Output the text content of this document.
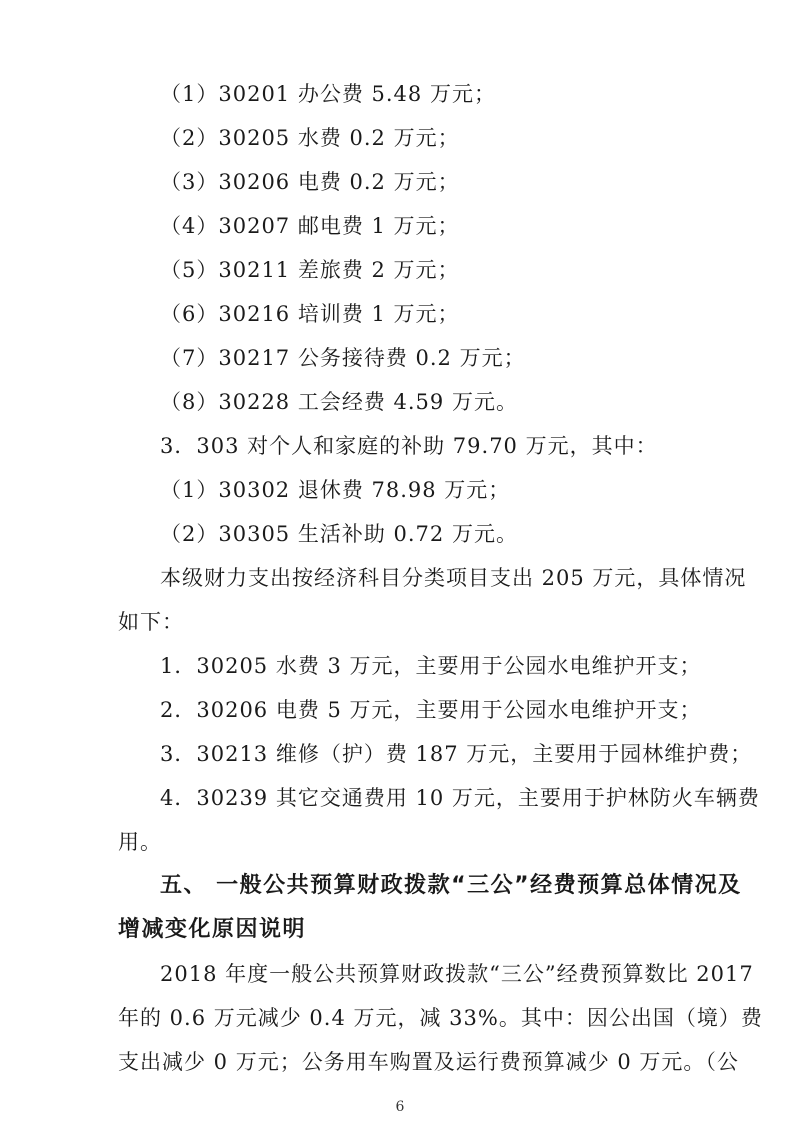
（1）30201 办公费 5.48 万元；
（2）30205 水费 0.2 万元；
（3）30206 电费 0.2 万元；
（4）30207 邮电费 1 万元；
（5）30211 差旅费 2 万元；
（6）30216 培训费 1 万元；
（7）30217 公务接待费 0.2 万元；
（8）30228 工会经费 4.59 万元。
3．303 对个人和家庭的补助 79.70 万元，其中：
（1）30302 退休费 78.98 万元；
（2）30305 生活补助 0.72 万元。
本级财力支出按经济科目分类项目支出 205 万元，具体情况
如下：
1．30205 水费 3 万元，主要用于公园水电维护开支；
2．30206 电费 5 万元，主要用于公园水电维护开支；
3．30213 维修（护）费 187 万元，主要用于园林维护费；
4．30239 其它交通费用 10 万元，主要用于护林防火车辆费
用。
五、 一般公共预算财政拨款“三公”经费预算总体情况及
增减变化原因说明
2018 年度一般公共预算财政拨款“三公”经费预算数比 2017
年的 0.6 万元减少 0.4 万元，减 33%。其中：因公出国（境）费
支出减少 0 万元；公务用车购置及运行费预算减少 0 万元。（公
6
